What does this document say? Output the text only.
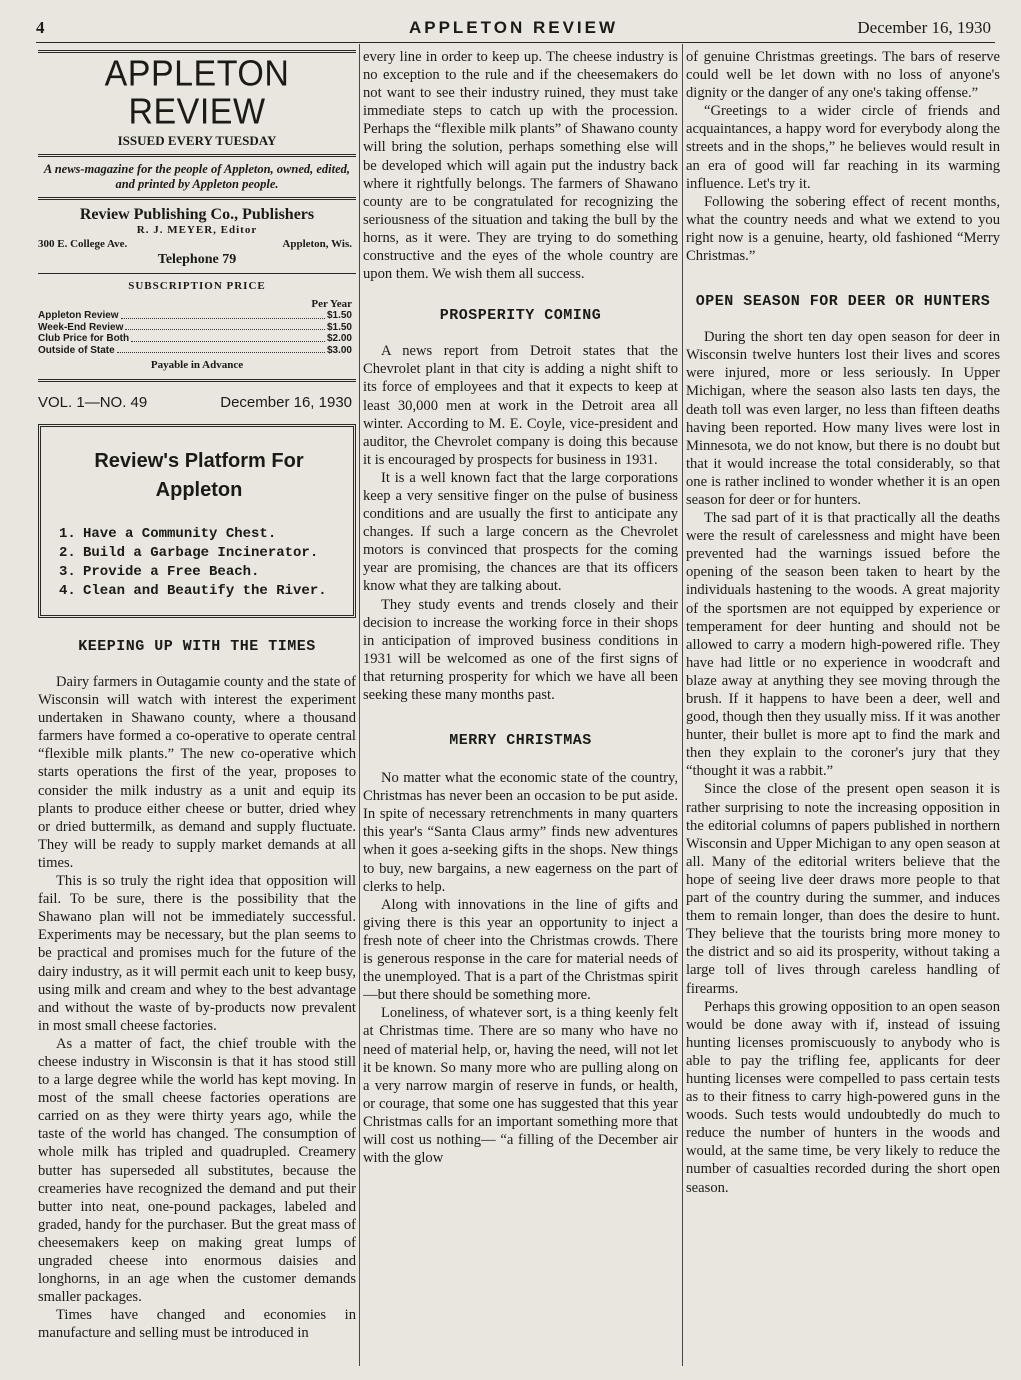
4	APPLETON REVIEW	December 16, 1930
APPLETON REVIEW
ISSUED EVERY TUESDAY
A news-magazine for the people of Appleton, owned, edited, and printed by Appleton people.
Review Publishing Co., Publishers
R. J. MEYER, Editor
300 E. College Ave.	Appleton, Wis.
Telephone 79
SUBSCRIPTION PRICE
Per Year
Appleton Review	$1.50
Week-End Review	$1.50
Club Price for Both	$2.00
Outside of State	$3.00
Payable in Advance
VOL. 1—NO. 49	December 16, 1930
Review's Platform For Appleton
1. Have a Community Chest.
2. Build a Garbage Incinerator.
3. Provide a Free Beach.
4. Clean and Beautify the River.
KEEPING UP WITH THE TIMES

Dairy farmers in Outagamie county and the state of Wisconsin will watch with interest the experiment undertaken in Shawano county, where a thousand farmers have formed a co-operative to operate central “flexible milk plants.” The new co-operative which starts operations the first of the year, proposes to consider the milk industry as a unit and equip its plants to produce either cheese or butter, dried whey or dried buttermilk, as demand and supply fluctuate. They will be ready to supply market demands at all times.

This is so truly the right idea that opposition will fail. To be sure, there is the possibility that the Shawano plan will not be immediately successful. Experiments may be necessary, but the plan seems to be practical and promises much for the future of the dairy industry, as it will permit each unit to keep busy, using milk and cream and whey to the best advantage and without the waste of by-products now prevalent in most small cheese factories.

As a matter of fact, the chief trouble with the cheese industry in Wisconsin is that it has stood still to a large degree while the world has kept moving. In most of the small cheese factories operations are carried on as they were thirty years ago, while the taste of the world has changed. The consumption of whole milk has tripled and quadrupled. Creamery butter has superseded all substitutes, because the creameries have recognized the demand and put their butter into neat, one-pound packages, labeled and graded, handy for the purchaser. But the great mass of cheesemakers keep on making great lumps of ungraded cheese into enormous daisies and longhorns, in an age when the customer demands smaller packages.

Times have changed and economies in manufacture and selling must be introduced in

every line in order to keep up. The cheese industry is no exception to the rule and if the cheesemakers do not want to see their industry ruined, they must take immediate steps to catch up with the procession. Perhaps the “flexible milk plants” of Shawano county will bring the solution, perhaps something else will be developed which will again put the industry back where it rightfully belongs. The farmers of Shawano county are to be congratulated for recognizing the seriousness of the situation and taking the bull by the horns, as it were. They are trying to do something constructive and the eyes of the whole country are upon them. We wish them all success.

PROSPERITY COMING

A news report from Detroit states that the Chevrolet plant in that city is adding a night shift to its force of employees and that it expects to keep at least 30,000 men at work in the Detroit area all winter. According to M. E. Coyle, vice-president and auditor, the Chevrolet company is doing this because it is encouraged by prospects for business in 1931.

It is a well known fact that the large corporations keep a very sensitive finger on the pulse of business conditions and are usually the first to anticipate any changes. If such a large concern as the Chevrolet motors is convinced that prospects for the coming year are promising, the chances are that its officers know what they are talking about.

They study events and trends closely and their decision to increase the working force in their shops in anticipation of improved business conditions in 1931 will be welcomed as one of the first signs of that returning prosperity for which we have all been seeking these many months past.

MERRY CHRISTMAS

No matter what the economic state of the country, Christmas has never been an occasion to be put aside. In spite of necessary retrenchments in many quarters this year's “Santa Claus army” finds new adventures when it goes a-seeking gifts in the shops. New things to buy, new bargains, a new eagerness on the part of clerks to help.

Along with innovations in the line of gifts and giving there is this year an opportunity to inject a fresh note of cheer into the Christmas crowds. There is generous response in the care for material needs of the unemployed. That is a part of the Christmas spirit —but there should be something more.

Loneliness, of whatever sort, is a thing keenly felt at Christmas time. There are so many who have no need of material help, or, having the need, will not let it be known. So many more who are pulling along on a very narrow margin of reserve in funds, or health, or courage, that some one has suggested that this year Christmas calls for an important something more that will cost us nothing— “a filling of the December air with the glow

of genuine Christmas greetings. The bars of reserve could well be let down with no loss of anyone's dignity or the danger of any one's taking offense.”

“Greetings to a wider circle of friends and acquaintances, a happy word for everybody along the streets and in the shops,” he believes would result in an era of good will far reaching in its warming influence. Let's try it.

Following the sobering effect of recent months, what the country needs and what we extend to you right now is a genuine, hearty, old fashioned “Merry Christmas.”

OPEN SEASON FOR DEER OR HUNTERS

During the short ten day open season for deer in Wisconsin twelve hunters lost their lives and scores were injured, more or less seriously. In Upper Michigan, where the season also lasts ten days, the death toll was even larger, no less than fifteen deaths having been reported. How many lives were lost in Minnesota, we do not know, but there is no doubt but that it would increase the total considerably, so that one is rather inclined to wonder whether it is an open season for deer or for hunters.

The sad part of it is that practically all the deaths were the result of carelessness and might have been prevented had the warnings issued before the opening of the season been taken to heart by the individuals hastening to the woods. A great majority of the sportsmen are not equipped by experience or temperament for deer hunting and should not be allowed to carry a modern high-powered rifle. They have had little or no experience in woodcraft and blaze away at anything they see moving through the brush. If it happens to have been a deer, well and good, though then they usually miss. If it was another hunter, their bullet is more apt to find the mark and then they explain to the coroner's jury that they “thought it was a rabbit.”

Since the close of the present open season it is rather surprising to note the increasing opposition in the editorial columns of papers published in northern Wisconsin and Upper Michigan to any open season at all. Many of the editorial writers believe that the hope of seeing live deer draws more people to that part of the country during the summer, and induces them to remain longer, than does the desire to hunt. They believe that the tourists bring more money to the district and so aid its prosperity, without taking a large toll of lives through careless handling of firearms.

Perhaps this growing opposition to an open season would be done away with if, instead of issuing hunting licenses promiscuously to anybody who is able to pay the trifling fee, applicants for deer hunting licenses were compelled to pass certain tests as to their fitness to carry high-powered guns in the woods. Such tests would undoubtedly do much to reduce the number of hunters in the woods and would, at the same time, be very likely to reduce the number of casualties recorded during the short open season.
